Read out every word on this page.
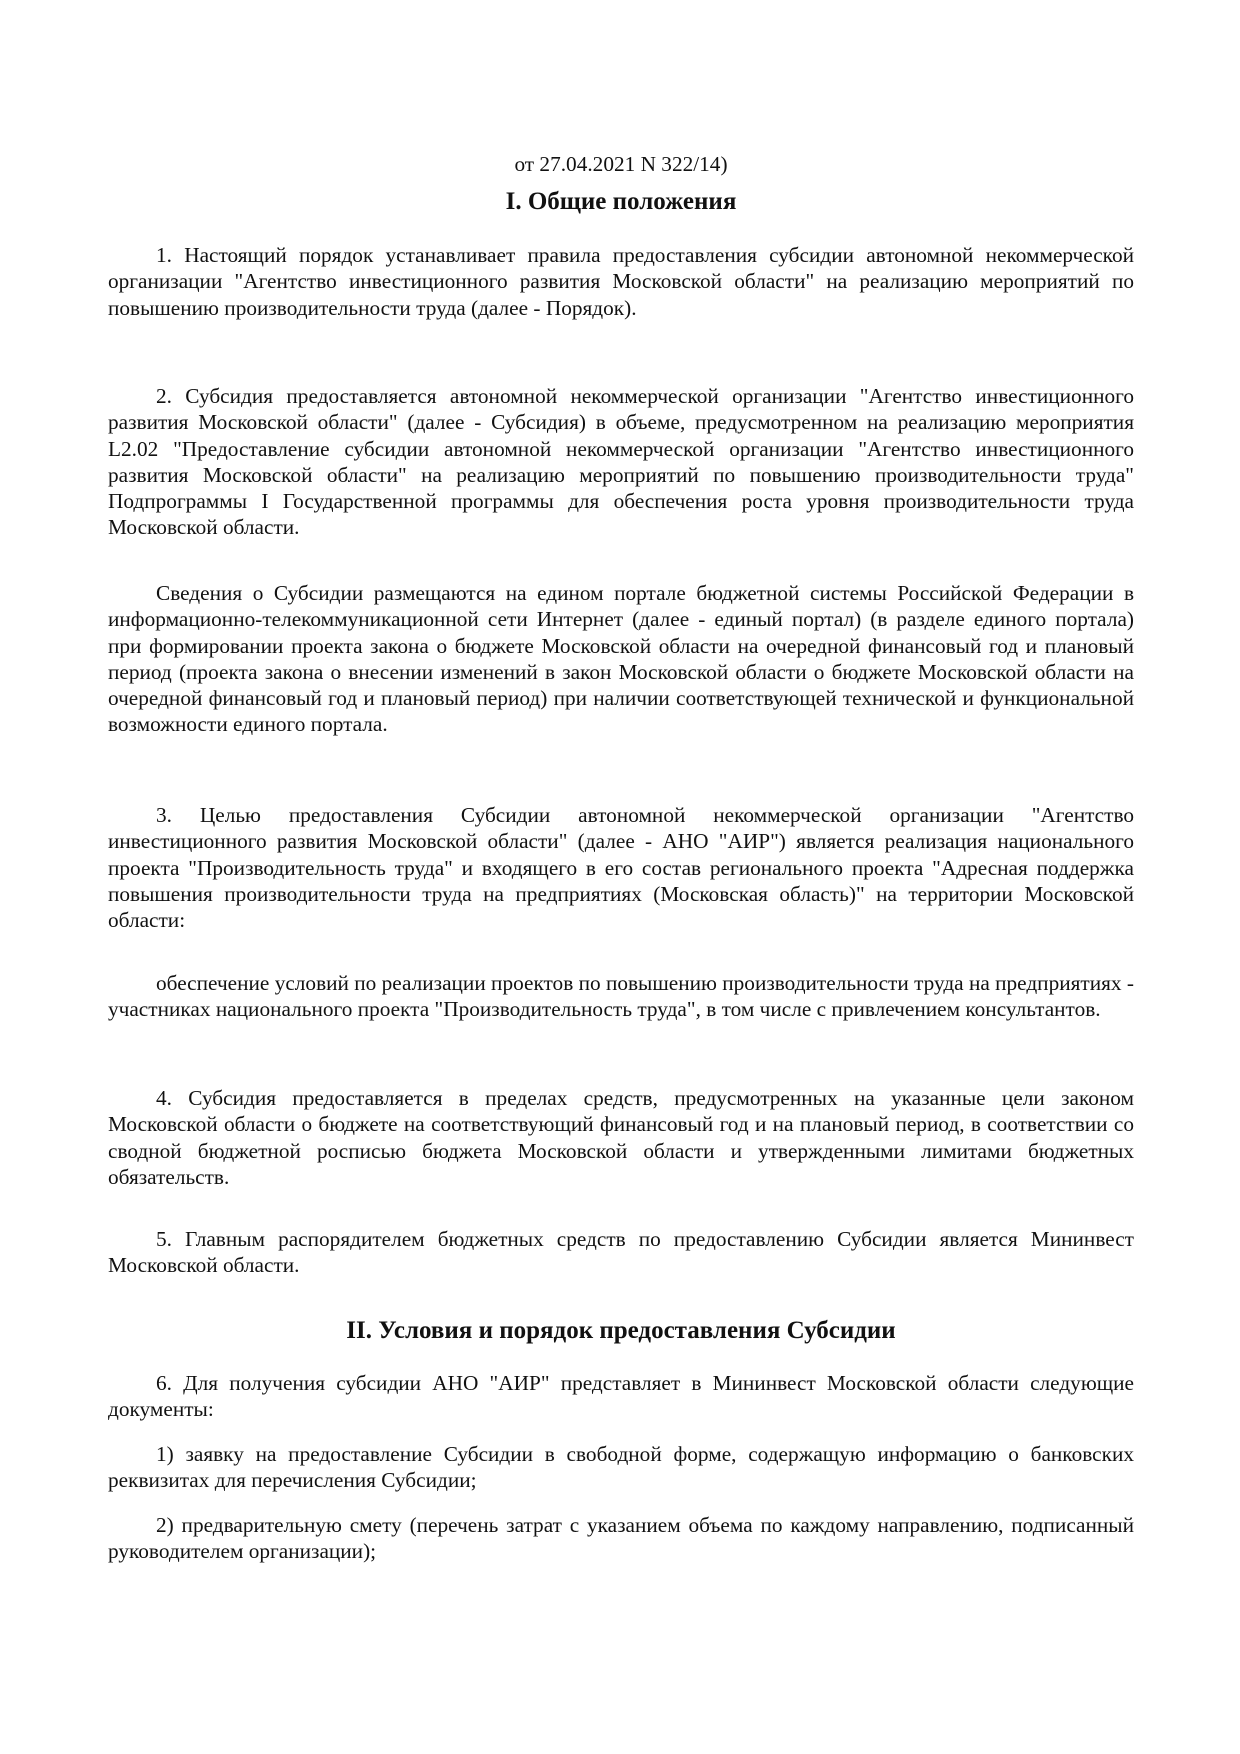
от 27.04.2021 N 322/14)
I. Общие положения

1. Настоящий порядок устанавливает правила предоставления субсидии автономной некоммерческой организации "Агентство инвестиционного развития Московской области" на реализацию мероприятий по повышению производительности труда (далее - Порядок).

2. Субсидия предоставляется автономной некоммерческой организации "Агентство инвестиционного развития Московской области" (далее - Субсидия) в объеме, предусмотренном на реализацию мероприятия L2.02 "Предоставление субсидии автономной некоммерческой организации "Агентство инвестиционного развития Московской области" на реализацию мероприятий по повышению производительности труда" Подпрограммы I Государственной программы для обеспечения роста уровня производительности труда Московской области.

Сведения о Субсидии размещаются на едином портале бюджетной системы Российской Федерации в информационно-телекоммуникационной сети Интернет (далее - единый портал) (в разделе единого портала) при формировании проекта закона о бюджете Московской области на очередной финансовый год и плановый период (проекта закона о внесении изменений в закон Московской области о бюджете Московской области на очередной финансовый год и плановый период) при наличии соответствующей технической и функциональной возможности единого портала.

3. Целью предоставления Субсидии автономной некоммерческой организации "Агентство инвестиционного развития Московской области" (далее - АНО "АИР") является реализация национального проекта "Производительность труда" и входящего в его состав регионального проекта "Адресная поддержка повышения производительности труда на предприятиях (Московская область)" на территории Московской области:

обеспечение условий по реализации проектов по повышению производительности труда на предприятиях - участниках национального проекта "Производительность труда", в том числе с привлечением консультантов.

4. Субсидия предоставляется в пределах средств, предусмотренных на указанные цели законом Московской области о бюджете на соответствующий финансовый год и на плановый период, в соответствии со сводной бюджетной росписью бюджета Московской области и утвержденными лимитами бюджетных обязательств.

5. Главным распорядителем бюджетных средств по предоставлению Субсидии является Мининвест Московской области.

II. Условия и порядок предоставления Субсидии

6. Для получения субсидии АНО "АИР" представляет в Мининвест Московской области следующие документы:

1) заявку на предоставление Субсидии в свободной форме, содержащую информацию о банковских реквизитах для перечисления Субсидии;

2) предварительную смету (перечень затрат с указанием объема по каждому направлению, подписанный руководителем организации);
